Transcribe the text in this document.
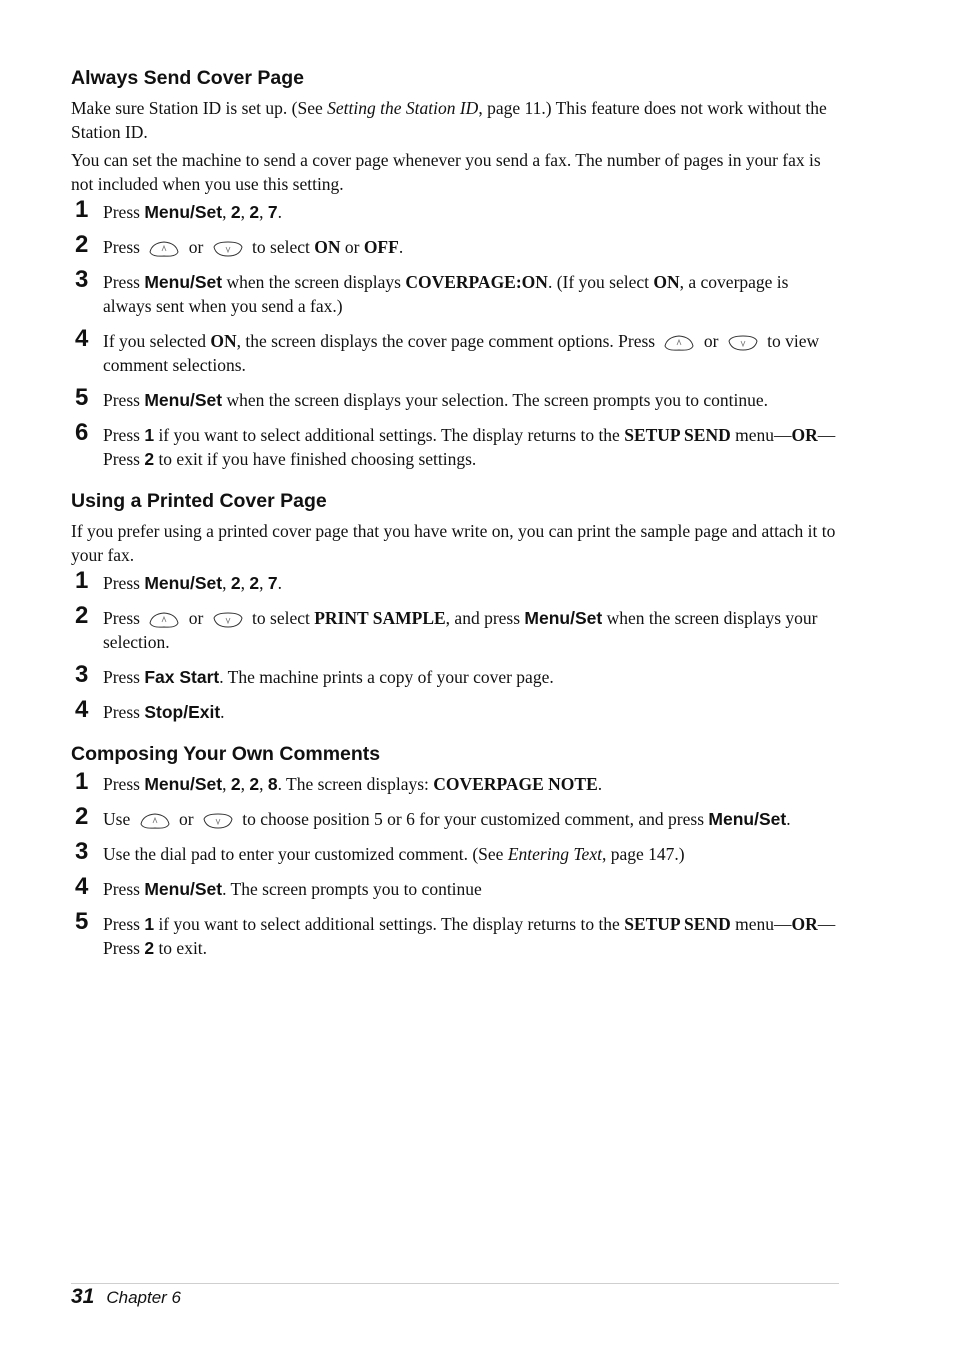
Always Send Cover Page

Make sure Station ID is set up. (See Setting the Station ID, page 11.) This feature does not work without the Station ID.

You can set the machine to send a cover page whenever you send a fax. The number of pages in your fax is not included when you use this setting.

1 Press Menu/Set, 2, 2, 7.
2 Press
or
to select ON or OFF.
3 Press Menu/Set when the screen displays COVERPAGE:ON. (If you select ON, a coverpage is always sent when you send a fax.)
4 If you selected ON, the screen displays the cover page comment options. Press
or
to view comment selections.
5 Press Menu/Set when the screen displays your selection. The screen prompts you to continue.
6 Press 1 if you want to select additional settings. The display returns to the SETUP SEND menu—OR—Press 2 to exit if you have finished choosing settings.
Using a Printed Cover Page

If you prefer using a printed cover page that you have write on, you can print the sample page and attach it to your fax.

1 Press Menu/Set, 2, 2, 7.
2 Press
or
to select PRINT SAMPLE, and press Menu/Set when the screen displays your selection.
3 Press Fax Start. The machine prints a copy of your cover page.
4 Press Stop/Exit.
Composing Your Own Comments
1 Press Menu/Set, 2, 2, 8. The screen displays: COVERPAGE NOTE.
2 Use
or
to choose position 5 or 6 for your customized comment, and press Menu/Set.
3 Use the dial pad to enter your customized comment. (See Entering Text, page 147.)
4 Press Menu/Set. The screen prompts you to continue
5 Press 1 if you want to select additional settings. The display returns to the SETUP SEND menu—OR—Press 2 to exit.
31 Chapter 6
